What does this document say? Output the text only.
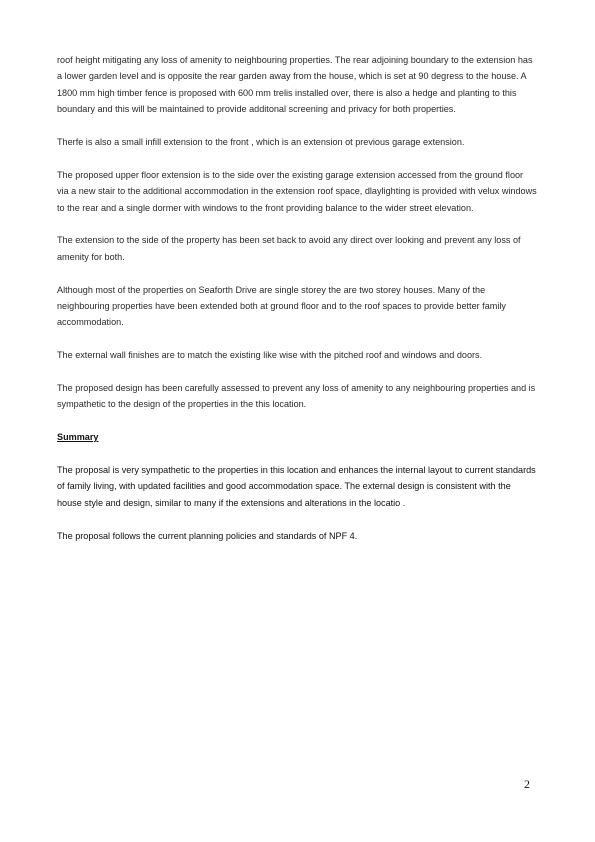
roof height mitigating any loss of amenity to neighbouring properties. The rear adjoining boundary to the extension has a lower garden level and is opposite the rear garden away from the house, which is set at 90 degress to the house. A 1800 mm high timber fence is proposed with 600 mm trelis installed over, there is also a hedge and planting to this boundary and this will be maintained to provide additonal screening and privacy for both properties.

Therfe is also a small infill extension to the front , which is an extension ot previous garage extension.

The proposed upper floor extension is to the side over the existing garage extension accessed from the ground floor via a new stair to the additional accommodation in the extension roof space, dlaylighting is provided with velux windows to the rear and a single dormer with windows to the front providing balance to the wider street elevation.

The extension to the side of the property has been set back to avoid any direct over looking and prevent any loss of amenity for both.

Although most of the properties on Seaforth Drive are single storey the are two storey houses. Many of the neighbouring properties have been extended both at ground floor and to the roof spaces to provide better family accommodation.

The external wall finishes are to match the existing like wise with the pitched roof and windows and doors.

The proposed design has been carefully assessed to prevent any loss of amenity to any neighbouring properties and is sympathetic to the design of the properties in the this location.

Summary

The proposal is very sympathetic to the properties in this location and enhances the internal layout to current standards of family living, with updated facilities and good accommodation space. The external design is consistent with the house style and design, similar to many if the extensions and alterations in the locatio .

The proposal follows the current planning policies and standards of NPF 4.

2
